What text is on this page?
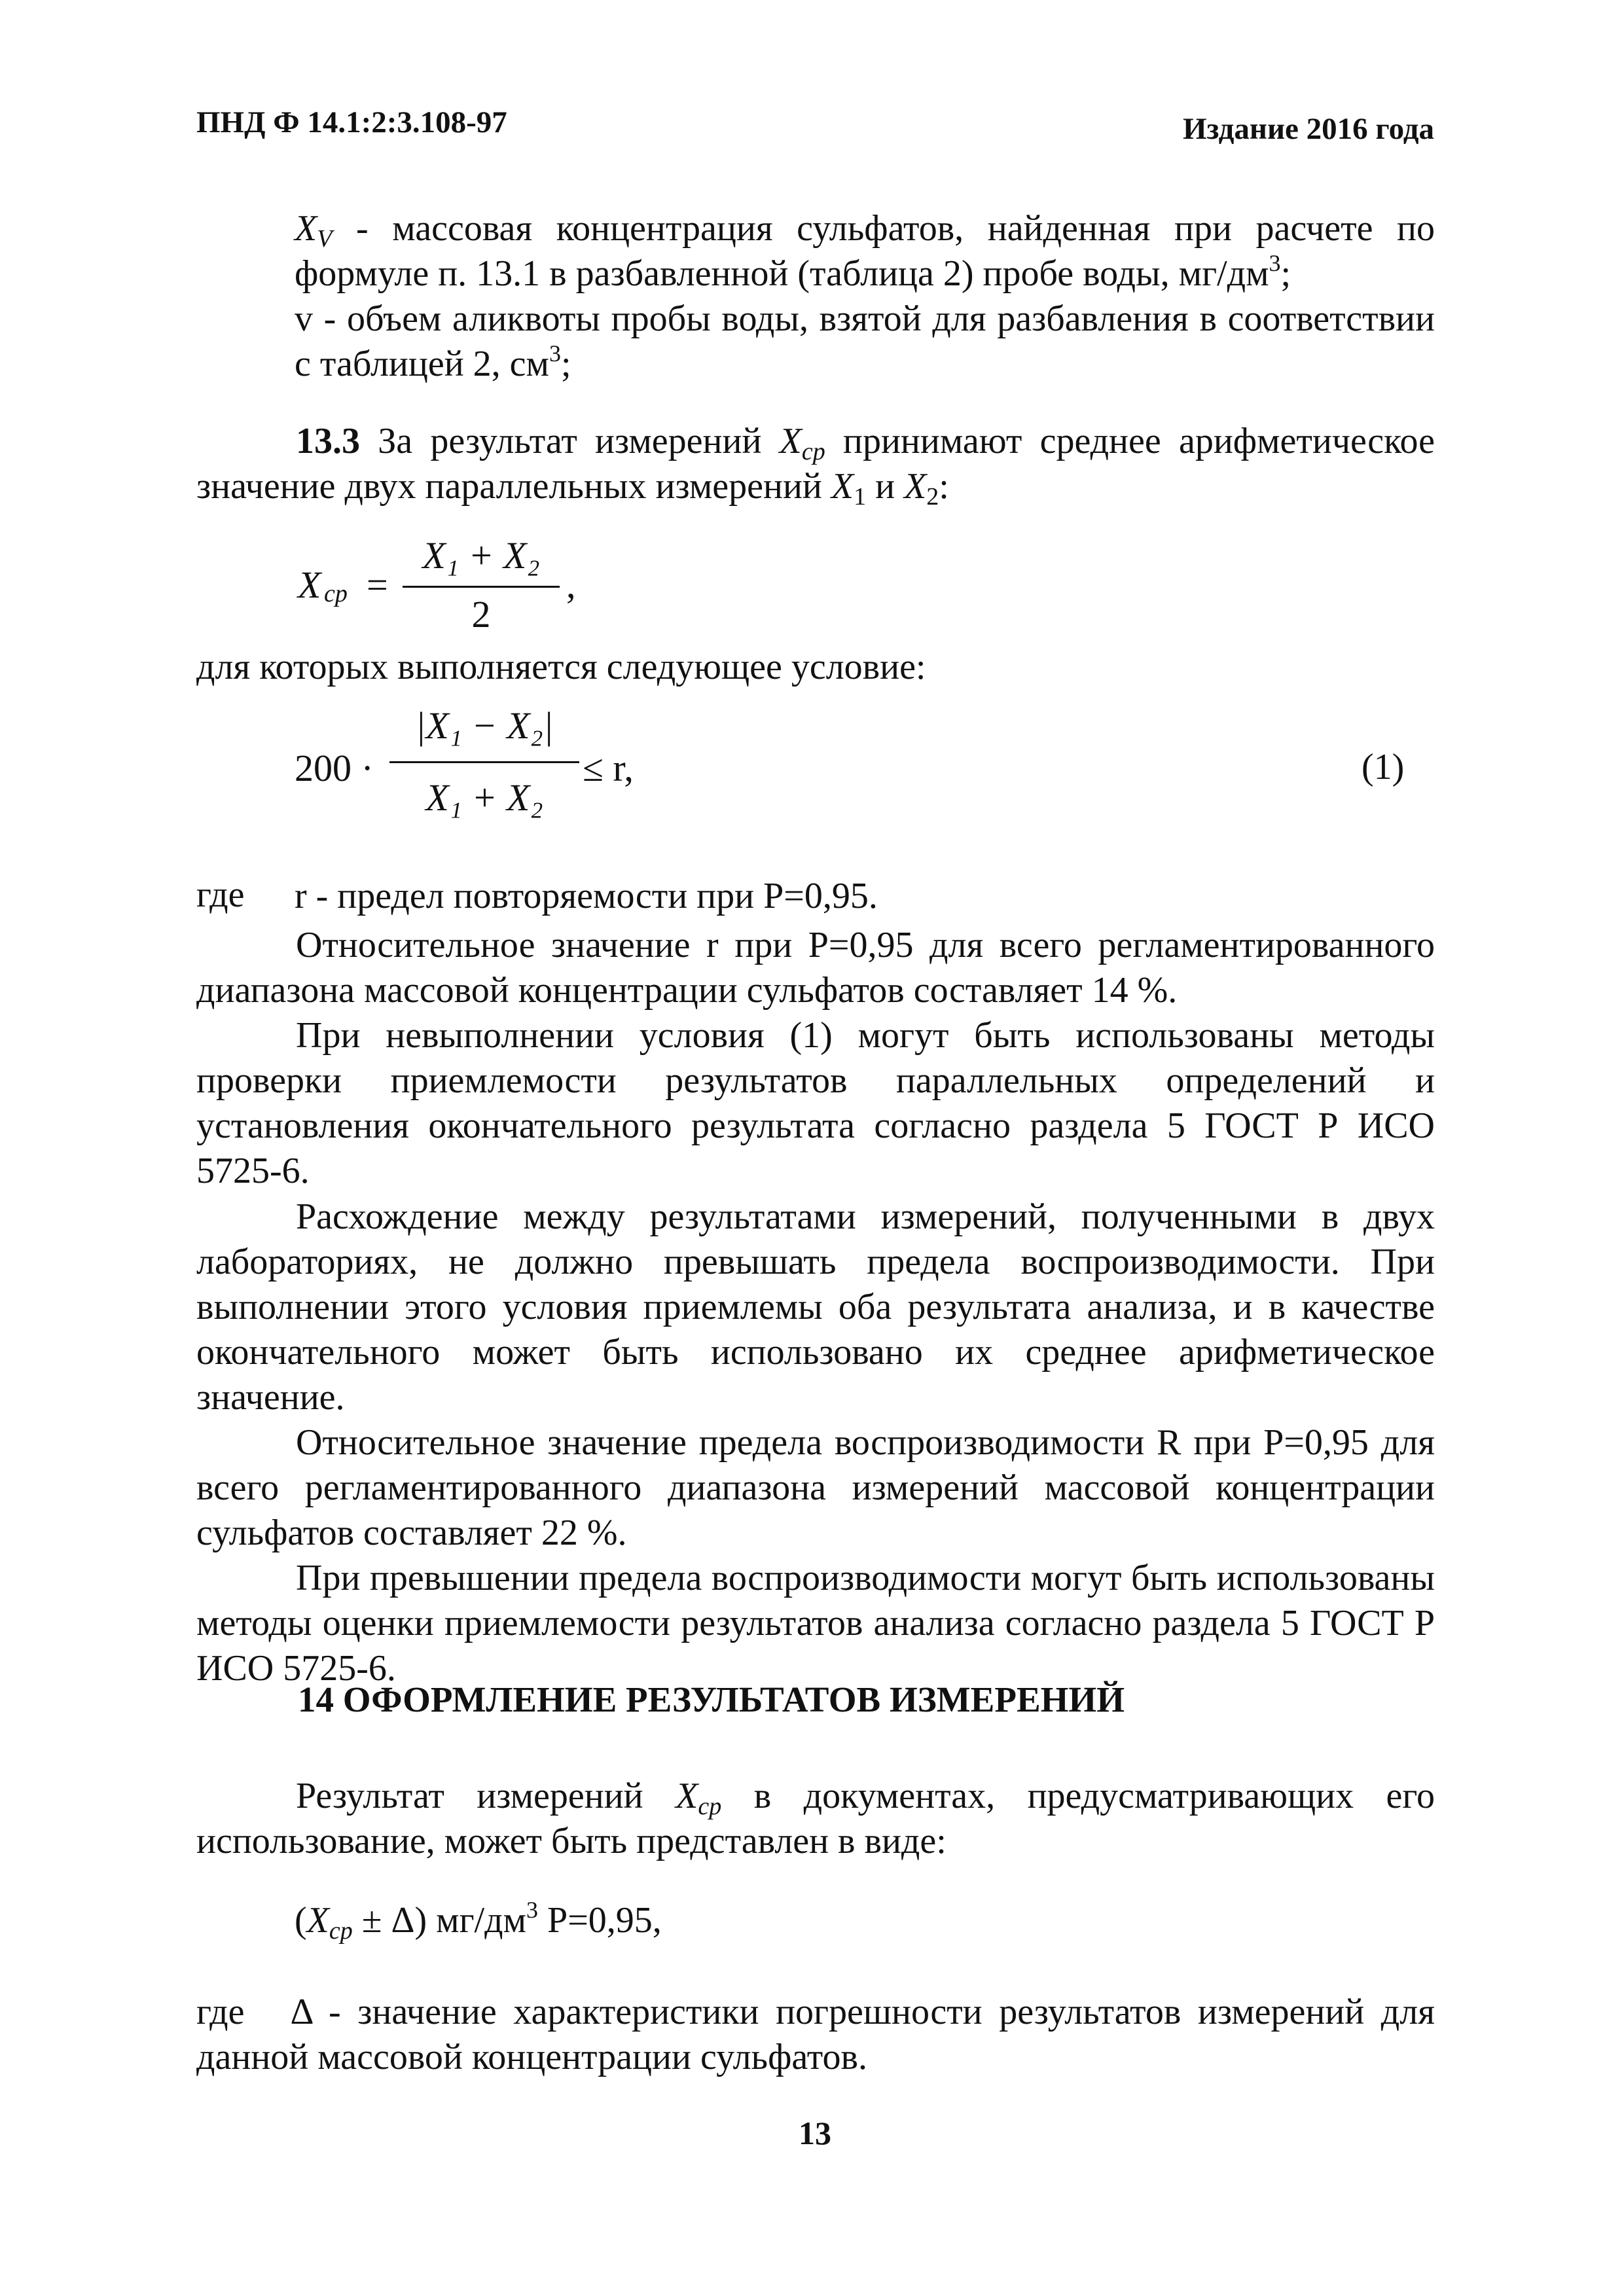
ПНД Ф 14.1:2:3.108-97	Издание 2016 года

$X_V$ - массовая концентрация сульфатов, найденная при расчете по формуле п. 13.1 в разбавленной (таблица 2) пробе воды, $мг/дм^3$;

v - объем аликвоты пробы воды, взятой для разбавления в соответствии с таблицей 2, $см^3$;

13.3 За результат измерений $X_{ср}$ принимают среднее арифметическое значение двух параллельных измерений $X_1$ и $X_2$:

X ср =
X₁ + X₂
2
,

для которых выполняется следующее условие:

200 ·
|X₁ − X₂|
X₁ + X₂
≤ r,	(1)
где r - предел повторяемости при P=0,95.

Относительное значение r при P=0,95 для всего регламентированного диапазона массовой концентрации сульфатов составляет 14 %.

При невыполнении условия (1) могут быть использованы методы проверки приемлемости результатов параллельных определений и установления окончательного результата согласно раздела 5 ГОСТ Р ИСО 5725-6.

Расхождение между результатами измерений, полученными в двух лабораториях, не должно превышать предела воспроизводимости. При выполнении этого условия приемлемы оба результата анализа, и в качестве окончательного может быть использовано их среднее арифметическое значение.

Относительное значение предела воспроизводимости R при P=0,95 для всего регламентированного диапазона измерений массовой концентрации сульфатов составляет 22 %.

При превышении предела воспроизводимости могут быть использованы методы оценки приемлемости результатов анализа согласно раздела 5 ГОСТ Р ИСО 5725-6.

14 ОФОРМЛЕНИЕ РЕЗУЛЬТАТОВ ИЗМЕРЕНИЙ

Результат измерений $X_{ср}$ в документах, предусматривающих его использование, может быть представлен в виде:

$(X_{ср} \pm \Delta)$ $мг/дм^3$ P=0,95,

где Δ - значение характеристики погрешности результатов измерений для данной массовой концентрации сульфатов.

13
